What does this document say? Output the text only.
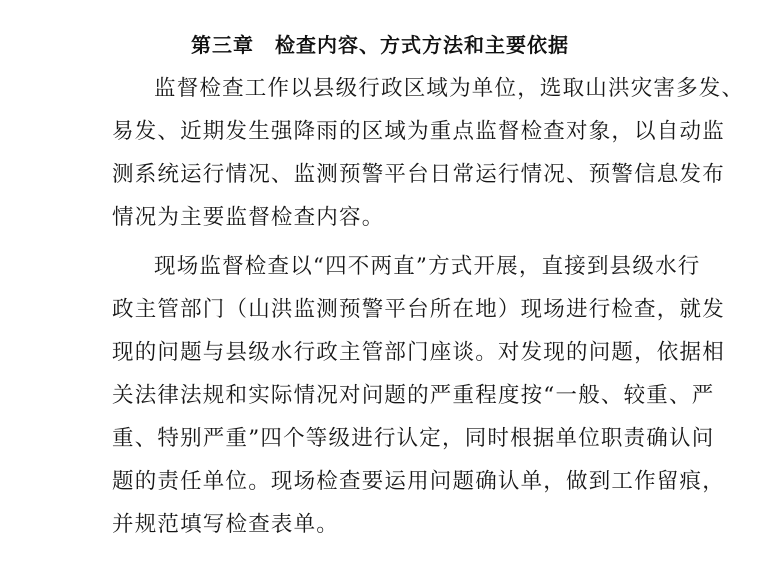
第三章　检查内容、方式方法和主要依据

监督检查工作以县级行政区域为单位，选取山洪灾害多发、

易发、近期发生强降雨的区域为重点监督检查对象，以自动监

测系统运行情况、监测预警平台日常运行情况、预警信息发布

情况为主要监督检查内容。

现场监督检查以“四不两直”方式开展，直接到县级水行

政主管部门（山洪监测预警平台所在地）现场进行检查，就发

现的问题与县级水行政主管部门座谈。对发现的问题，依据相

关法律法规和实际情况对问题的严重程度按“一般、较重、严

重、特别严重”四个等级进行认定，同时根据单位职责确认问

题的责任单位。现场检查要运用问题确认单，做到工作留痕，

并规范填写检查表单。
